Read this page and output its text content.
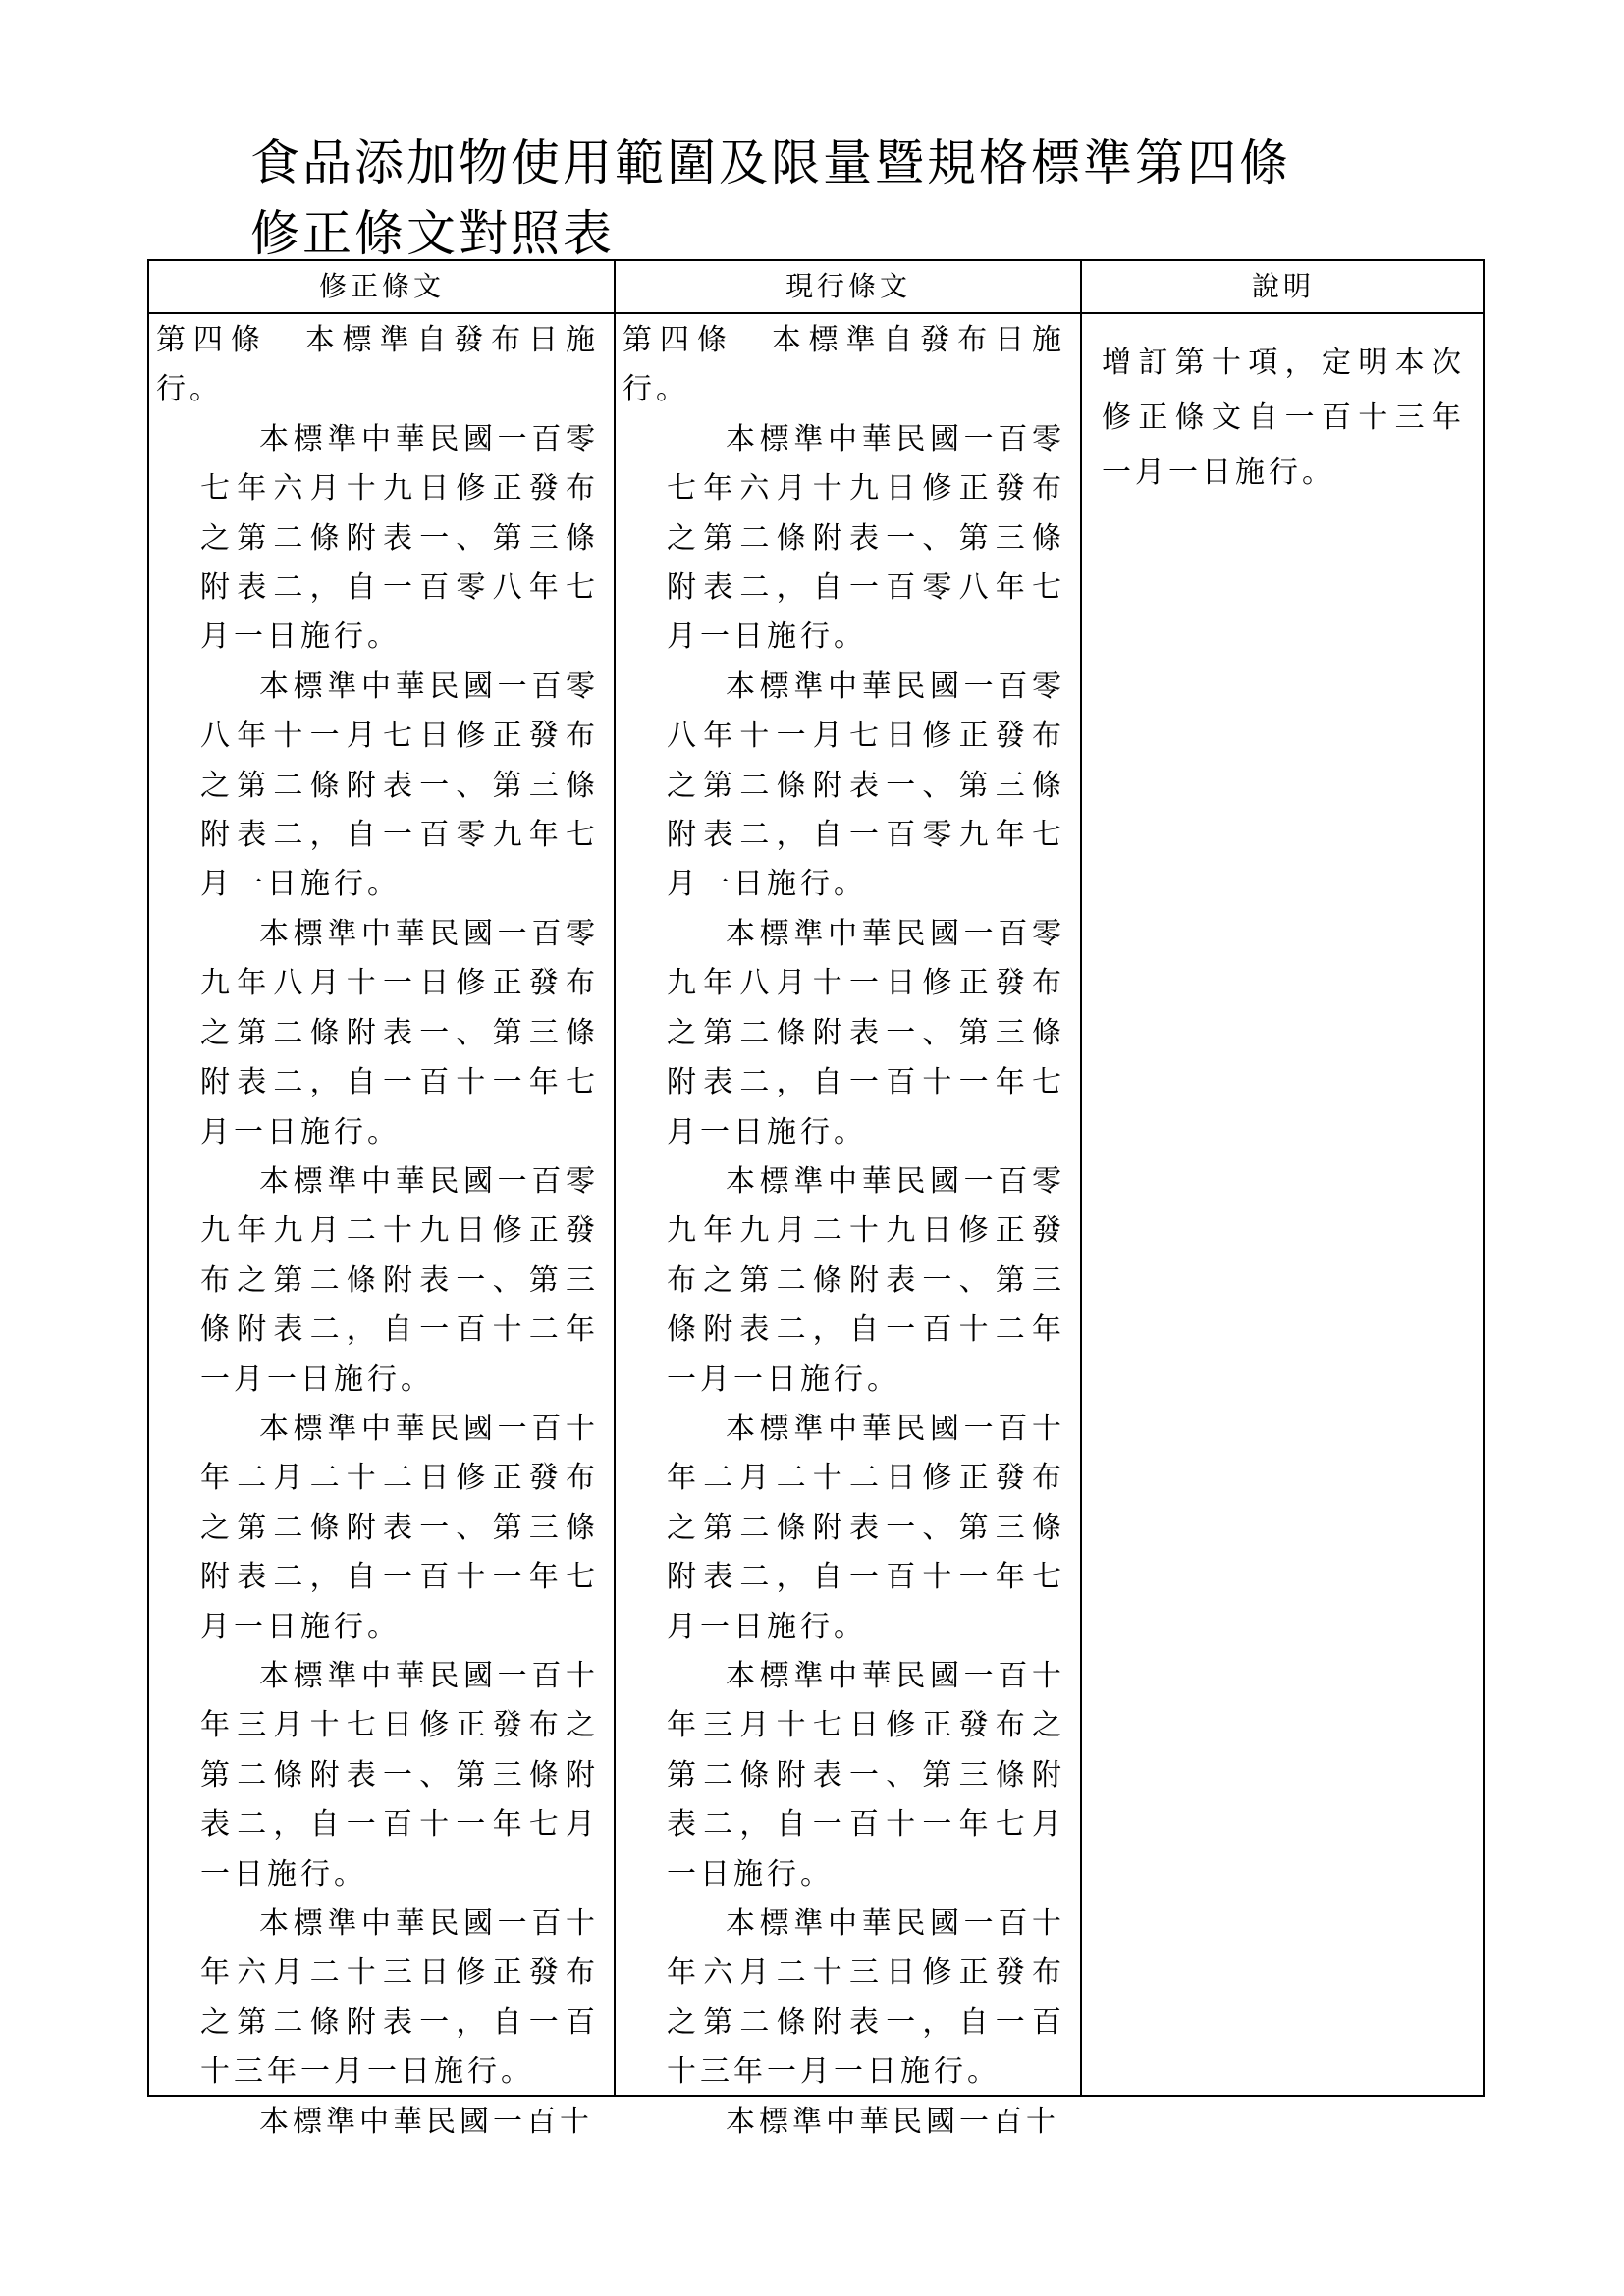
食品添加物使用範圍及限量暨規格標準第四條
修正條文對照表
修正條文	現行條文	說明

第四條　本標準自發布日施行。

本標準中華民國一百零七年六月十九日修正發布之第二條附表一、第三條附表二，自一百零八年七月一日施行。

本標準中華民國一百零八年十一月七日修正發布之第二條附表一、第三條附表二，自一百零九年七月一日施行。

本標準中華民國一百零九年八月十一日修正發布之第二條附表一、第三條附表二，自一百十一年七月一日施行。

本標準中華民國一百零九年九月二十九日修正發布之第二條附表一、第三條附表二，自一百十二年一月一日施行。

本標準中華民國一百十年二月二十二日修正發布之第二條附表一、第三條附表二，自一百十一年七月一日施行。

本標準中華民國一百十年三月十七日修正發布之第二條附表一、第三條附表二，自一百十一年七月一日施行。

本標準中華民國一百十年六月二十三日修正發布之第二條附表一，自一百十三年一月一日施行。

本標準中華民國一百十

第四條　本標準自發布日施行。

本標準中華民國一百零七年六月十九日修正發布之第二條附表一、第三條附表二，自一百零八年七月一日施行。

本標準中華民國一百零八年十一月七日修正發布之第二條附表一、第三條附表二，自一百零九年七月一日施行。

本標準中華民國一百零九年八月十一日修正發布之第二條附表一、第三條附表二，自一百十一年七月一日施行。

本標準中華民國一百零九年九月二十九日修正發布之第二條附表一、第三條附表二，自一百十二年一月一日施行。

本標準中華民國一百十年二月二十二日修正發布之第二條附表一、第三條附表二，自一百十一年七月一日施行。

本標準中華民國一百十年三月十七日修正發布之第二條附表一、第三條附表二，自一百十一年七月一日施行。

本標準中華民國一百十年六月二十三日修正發布之第二條附表一，自一百十三年一月一日施行。

本標準中華民國一百十

增訂第十項，定明本次修正條文自一百十三年一月一日施行。
